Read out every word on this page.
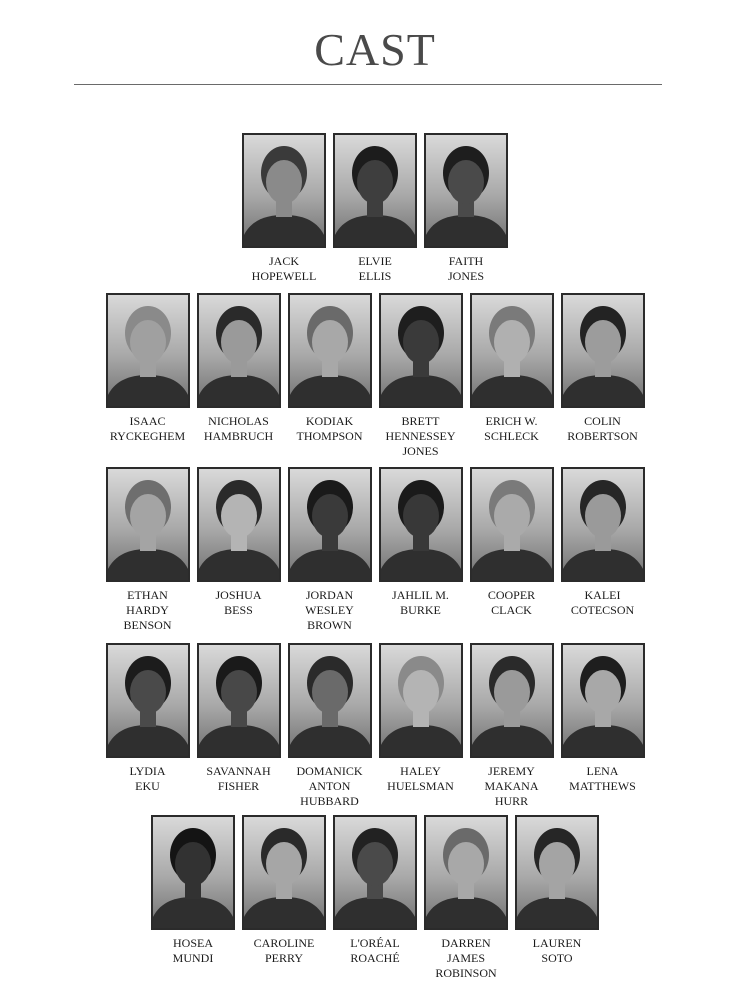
CAST
JACK
HOPEWELL
ELVIE
ELLIS
FAITH
JONES
ISAAC
RYCKEGHEM
NICHOLAS
HAMBRUCH
KODIAK
THOMPSON
BRETT
HENNESSEY
JONES
ERICH W.
SCHLECK
COLIN
ROBERTSON
ETHAN
HARDY
BENSON
JOSHUA
BESS
JORDAN
WESLEY
BROWN
JAHLIL M.
BURKE
COOPER
CLACK
KALEI
COTECSON
LYDIA
EKU
SAVANNAH
FISHER
DOMANICK
ANTON
HUBBARD
HALEY
HUELSMAN
JEREMY
MAKANA
HURR
LENA
MATTHEWS
HOSEA
MUNDI
CAROLINE
PERRY
L'ORÉAL
ROACHÉ
DARREN
JAMES
ROBINSON
LAUREN
SOTO
